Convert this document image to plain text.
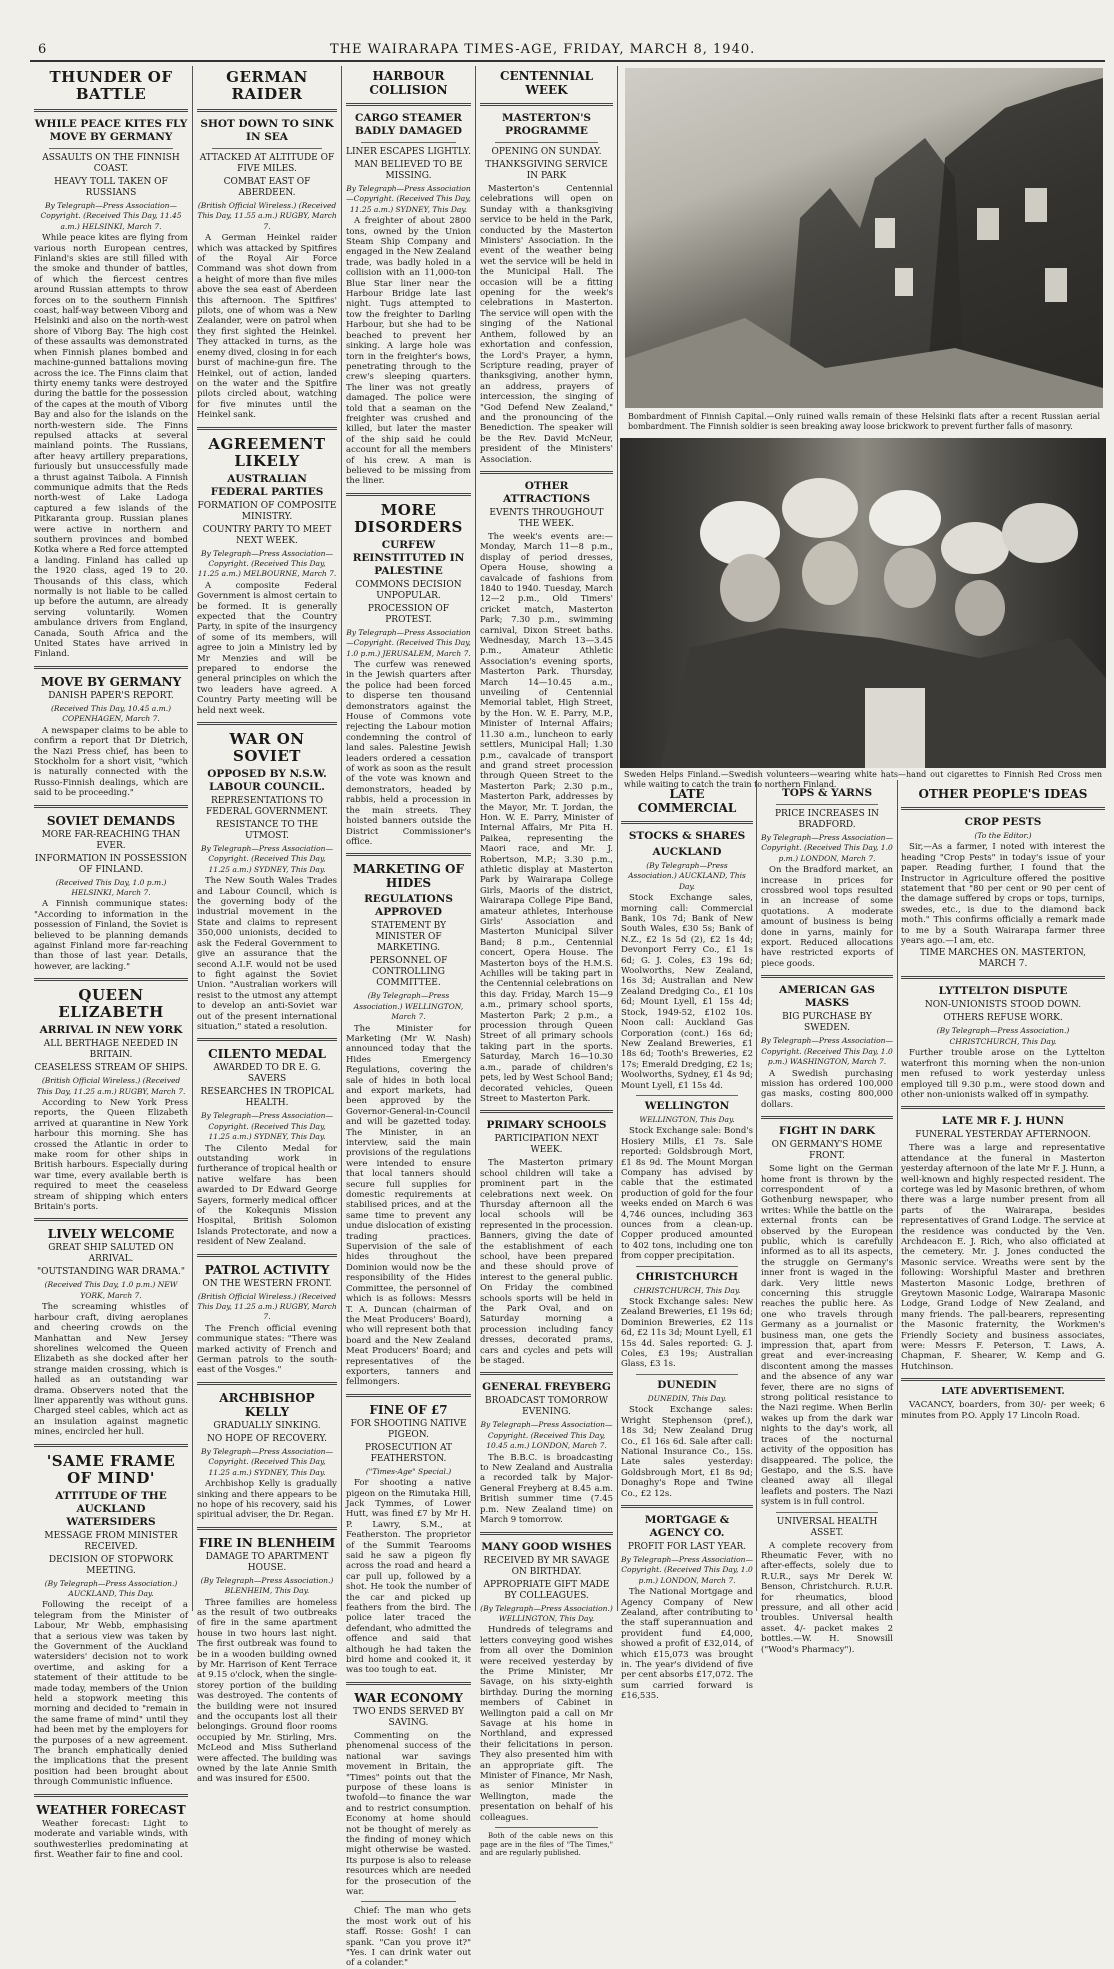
6	THE WAIRARAPA TIMES-AGE, FRIDAY, MARCH 8, 1940.
THUNDER OF BATTLE
WHILE PEACE KITES FLY MOVE BY GERMANY
ASSAULTS ON THE FINNISH COAST.
HEAVY TOLL TAKEN OF RUSSIANS
By Telegraph—Press Association—Copyright. (Received This Day, 11.45 a.m.) HELSINKI, March 7.

While peace kites are flying from various north European centres, Finland's skies are still filled with the smoke and thunder of battles, of which the fiercest centres around Russian attempts to throw forces on to the southern Finnish coast, half-way between Viborg and Helsinki and also on the north-west shore of Viborg Bay. The high cost of these assaults was demonstrated when Finnish planes bombed and machine-gunned battalions moving across the ice. The Finns claim that thirty enemy tanks were destroyed during the battle for the possession of the capes at the mouth of Viborg Bay and also for the islands on the north-western side. The Finns repulsed attacks at several mainland points. The Russians, after heavy artillery preparations, furiously but unsuccessfully made a thrust against Taibola. A Finnish communique admits that the Reds north-west of Lake Ladoga captured a few islands of the Pitkaranta group. Russian planes were active in northern and southern provinces and bombed Kotka where a Red force attempted a landing. Finland has called up the 1920 class, aged 19 to 20. Thousands of this class, which normally is not liable to be called up before the autumn, are already serving voluntarily. Women ambulance drivers from England, Canada, South Africa and the United States have arrived in Finland.

MOVE BY GERMANY
DANISH PAPER'S REPORT.
(Received This Day, 10.45 a.m.) COPENHAGEN, March 7.

A newspaper claims to be able to confirm a report that Dr Dietrich, the Nazi Press chief, has been to Stockholm for a short visit, "which is naturally connected with the Russo-Finnish dealings, which are said to be proceeding."

SOVIET DEMANDS
MORE FAR-REACHING THAN EVER.
INFORMATION IN POSSESSION OF FINLAND.
(Received This Day, 1.0 p.m.) HELSINKI, March 7.

A Finnish communique states: "According to information in the possession of Finland, the Soviet is believed to be planning demands against Finland more far-reaching than those of last year. Details, however, are lacking."

QUEEN ELIZABETH
ARRIVAL IN NEW YORK
ALL BERTHAGE NEEDED IN BRITAIN.
CEASELESS STREAM OF SHIPS.
(British Official Wireless.) (Received This Day, 11.25 a.m.) RUGBY, March 7.

According to New York Press reports, the Queen Elizabeth arrived at quarantine in New York harbour this morning. She has crossed the Atlantic in order to make room for other ships in British harbours. Especially during war time, every available berth is required to meet the ceaseless stream of shipping which enters Britain's ports.

LIVELY WELCOME
GREAT SHIP SALUTED ON ARRIVAL.
"OUTSTANDING WAR DRAMA."
(Received This Day, 1.0 p.m.) NEW YORK, March 7.

The screaming whistles of harbour craft, diving aeroplanes and cheering crowds on the Manhattan and New Jersey shorelines welcomed the Queen Elizabeth as she docked after her strange maiden crossing, which is hailed as an outstanding war drama. Observers noted that the liner apparently was without guns. Charged steel cables, which act as an insulation against magnetic mines, encircled her hull.

'SAME FRAME OF MIND'
ATTITUDE OF THE AUCKLAND WATERSIDERS
MESSAGE FROM MINISTER RECEIVED.
DECISION OF STOPWORK MEETING.
(By Telegraph—Press Association.) AUCKLAND, This Day.

Following the receipt of a telegram from the Minister of Labour, Mr Webb, emphasising that a serious view was taken by the Government of the Auckland watersiders' decision not to work overtime, and asking for a statement of their attitude to be made today, members of the Union held a stopwork meeting this morning and decided to "remain in the same frame of mind" until they had been met by the employers for the purposes of a new agreement. The branch emphatically denied the implications that the present position had been brought about through Communistic influence.

WEATHER FORECAST

Weather forecast: Light to moderate and variable winds, with southwesterlies predominating at first. Weather fair to fine and cool.

GERMAN RAIDER
SHOT DOWN TO SINK IN SEA
ATTACKED AT ALTITUDE OF FIVE MILES.
COMBAT EAST OF ABERDEEN.
(British Official Wireless.) (Received This Day, 11.55 a.m.) RUGBY, March 7.

A German Heinkel raider which was attacked by Spitfires of the Royal Air Force Command was shot down from a height of more than five miles above the sea east of Aberdeen this afternoon. The Spitfires' pilots, one of whom was a New Zealander, were on patrol when they first sighted the Heinkel. They attacked in turns, as the enemy dived, closing in for each burst of machine-gun fire. The Heinkel, out of action, landed on the water and the Spitfire pilots circled about, watching for five minutes until the Heinkel sank.

AGREEMENT LIKELY
AUSTRALIAN FEDERAL PARTIES
FORMATION OF COMPOSITE MINISTRY.
COUNTRY PARTY TO MEET NEXT WEEK.
By Telegraph—Press Association—Copyright. (Received This Day, 11.25 a.m.) MELBOURNE, March 7.

A composite Federal Government is almost certain to be formed. It is generally expected that the Country Party, in spite of the insurgency of some of its members, will agree to join a Ministry led by Mr Menzies and will be prepared to endorse the general principles on which the two leaders have agreed. A Country Party meeting will be held next week.

WAR ON SOVIET
OPPOSED BY N.S.W. LABOUR COUNCIL.
REPRESENTATIONS TO FEDERAL GOVERNMENT.
RESISTANCE TO THE UTMOST.
By Telegraph—Press Association—Copyright. (Received This Day, 11.25 a.m.) SYDNEY, This Day.

The New South Wales Trades and Labour Council, which is the governing body of the industrial movement in the State and claims to represent 350,000 unionists, decided to ask the Federal Government to give an assurance that the second A.I.F. would not be used to fight against the Soviet Union. "Australian workers will resist to the utmost any attempt to develop an anti-Soviet war out of the present international situation," stated a resolution.

CILENTO MEDAL
AWARDED TO DR E. G. SAVERS
RESEARCHES IN TROPICAL HEALTH.
By Telegraph—Press Association—Copyright. (Received This Day, 11.25 a.m.) SYDNEY, This Day.

The Cilento Medal for outstanding work in furtherance of tropical health or native welfare has been awarded to Dr Edward George Sayers, formerly medical officer of the Kokequnis Mission Hospital, British Solomon Islands Protectorate, and now a resident of New Zealand.

PATROL ACTIVITY
ON THE WESTERN FRONT.
(British Official Wireless.) (Received This Day, 11.25 a.m.) RUGBY, March 7.

The French official evening communique states: "There was marked activity of French and German patrols to the south-east of the Vosges."

ARCHBISHOP KELLY
GRADUALLY SINKING.
NO HOPE OF RECOVERY.
By Telegraph—Press Association—Copyright. (Received This Day, 11.25 a.m.) SYDNEY, This Day.

Archbishop Kelly is gradually sinking and there appears to be no hope of his recovery, said his spiritual adviser, the Dr. Regan.

FIRE IN BLENHEIM
DAMAGE TO APARTMENT HOUSE.
(By Telegraph—Press Association.) BLENHEIM, This Day.

Three families are homeless as the result of two outbreaks of fire in the same apartment house in two hours last night. The first outbreak was found to be in a wooden building owned by Mr. Harrison of Kent Terrace at 9.15 o'clock, when the single-storey portion of the building was destroyed. The contents of the building were not insured and the occupants lost all their belongings. Ground floor rooms occupied by Mr. Stirling, Mrs. McLeod and Miss Sutherland were affected. The building was owned by the late Annie Smith and was insured for £500.

HARBOUR COLLISION
CARGO STEAMER BADLY DAMAGED
LINER ESCAPES LIGHTLY.
MAN BELIEVED TO BE MISSING.
By Telegraph—Press Association—Copyright. (Received This Day, 11.25 a.m.) SYDNEY, This Day.

A freighter of about 2800 tons, owned by the Union Steam Ship Company and engaged in the New Zealand trade, was badly holed in a collision with an 11,000-ton Blue Star liner near the Harbour Bridge late last night. Tugs attempted to tow the freighter to Darling Harbour, but she had to be beached to prevent her sinking. A large hole was torn in the freighter's bows, penetrating through to the crew's sleeping quarters. The liner was not greatly damaged. The police were told that a seaman on the freighter was crushed and killed, but later the master of the ship said he could account for all the members of his crew. A man is believed to be missing from the liner.

MORE DISORDERS
CURFEW REINSTITUTED IN PALESTINE
COMMONS DECISION UNPOPULAR.
PROCESSION OF PROTEST.
By Telegraph—Press Association—Copyright. (Received This Day, 1.0 p.m.) JERUSALEM, March 7.

The curfew was renewed in the Jewish quarters after the police had been forced to disperse ten thousand demonstrators against the House of Commons vote rejecting the Labour motion condemning the control of land sales. Palestine Jewish leaders ordered a cessation of work as soon as the result of the vote was known and demonstrators, headed by rabbis, held a procession in the main streets. They hoisted banners outside the District Commissioner's office.

MARKETING OF HIDES
REGULATIONS APPROVED
STATEMENT BY MINISTER OF MARKETING.
PERSONNEL OF CONTROLLING COMMITTEE.
(By Telegraph—Press Association.) WELLINGTON, March 7.

The Minister for Marketing (Mr W. Nash) announced today that the Hides Emergency Regulations, covering the sale of hides in both local and export markets, had been approved by the Governor-General-in-Council and will be gazetted today. The Minister, in an interview, said the main provisions of the regulations were intended to ensure that local tanners should secure full supplies for domestic requirements at stabilised prices, and at the same time to prevent any undue dislocation of existing trading practices. Supervision of the sale of hides throughout the Dominion would now be the responsibility of the Hides Committee, the personnel of which is as follows: Messrs T. A. Duncan (chairman of the Meat Producers' Board), who will represent both that board and the New Zealand Meat Producers' Board; and representatives of the exporters, tanners and fellmongers.

FINE OF £7
FOR SHOOTING NATIVE PIGEON.
PROSECUTION AT FEATHERSTON.
("Times-Age" Special.)

For shooting a native pigeon on the Rimutaka Hill, Jack Tymmes, of Lower Hutt, was fined £7 by Mr H. P. Lawry, S.M., at Featherston. The proprietor of the Summit Tearooms said he saw a pigeon fly across the road and heard a car pull up, followed by a shot. He took the number of the car and picked up feathers from the bird. The police later traced the defendant, who admitted the offence and said that although he had taken the bird home and cooked it, it was too tough to eat.

WAR ECONOMY
TWO ENDS SERVED BY SAVING.

Commenting on the phenomenal success of the national war savings movement in Britain, the "Times" points out that the purpose of these loans is twofold—to finance the war and to restrict consumption. Economy at home should not be thought of merely as the finding of money which might otherwise be wasted. Its purpose is also to release resources which are needed for the prosecution of the war.

Chief: The man who gets the most work out of his staff. Rosse: Gosh! I can spank. "Can you prove it?" "Yes. I can drink water out of a colander."

CENTENNIAL WEEK
MASTERTON'S PROGRAMME
OPENING ON SUNDAY.
THANKSGIVING SERVICE IN PARK

Masterton's Centennial celebrations will open on Sunday with a thanksgiving service to be held in the Park, conducted by the Masterton Ministers' Association. In the event of the weather being wet the service will be held in the Municipal Hall. The occasion will be a fitting opening for the week's celebrations in Masterton. The service will open with the singing of the National Anthem, followed by an exhortation and confession, the Lord's Prayer, a hymn, Scripture reading, prayer of thanksgiving, another hymn, an address, prayers of intercession, the singing of "God Defend New Zealand," and the pronouncing of the Benediction. The speaker will be the Rev. David McNeur, president of the Ministers' Association.

OTHER ATTRACTIONS
EVENTS THROUGHOUT THE WEEK.

The week's events are:— Monday, March 11—8 p.m., display of period dresses, Opera House, showing a cavalcade of fashions from 1840 to 1940. Tuesday, March 12—2 p.m., Old Timers' cricket match, Masterton Park; 7.30 p.m., swimming carnival, Dixon Street baths. Wednesday, March 13—3.45 p.m., Amateur Athletic Association's evening sports, Masterton Park. Thursday, March 14—10.45 a.m., unveiling of Centennial Memorial tablet, High Street, by the Hon. W. E. Parry, M.P., Minister of Internal Affairs; 11.30 a.m., luncheon to early settlers, Municipal Hall; 1.30 p.m., cavalcade of transport and grand street procession through Queen Street to the Masterton Park; 2.30 p.m., Masterton Park, addresses by the Mayor, Mr. T. Jordan, the Hon. W. E. Parry, Minister of Internal Affairs, Mr Pita H. Paikea, representing the Maori race, and Mr. J. Robertson, M.P.; 3.30 p.m., athletic display at Masterton Park by Wairarapa College Girls, Maoris of the district, Wairarapa College Pipe Band, amateur athletes, Interhouse Girls' Association and Masterton Municipal Silver Band; 8 p.m., Centennial concert, Opera House. The Masterton boys of the H.M.S. Achilles will be taking part in the Centennial celebrations on this day. Friday, March 15—9 a.m., primary school sports, Masterton Park; 2 p.m., a procession through Queen Street of all primary schools taking part in the sports. Saturday, March 16—10.30 a.m., parade of children's pets, led by West School Band; decorated vehicles, Queen Street to Masterton Park.

PRIMARY SCHOOLS
PARTICIPATION NEXT WEEK.

The Masterton primary school children will take a prominent part in the celebrations next week. On Thursday afternoon all the local schools will be represented in the procession. Banners, giving the date of the establishment of each school, have been prepared and these should prove of interest to the general public. On Friday the combined schools sports will be held in the Park Oval, and on Saturday morning a procession including fancy dresses, decorated prams, cars and cycles and pets will be staged.

GENERAL FREYBERG
BROADCAST TOMORROW EVENING.
By Telegraph—Press Association—Copyright. (Received This Day, 10.45 a.m.) LONDON, March 7.

The B.B.C. is broadcasting to New Zealand and Australia a recorded talk by Major-General Freyberg at 8.45 a.m. British summer time (7.45 p.m. New Zealand time) on March 9 tomorrow.

MANY GOOD WISHES
RECEIVED BY MR SAVAGE ON BIRTHDAY.
APPROPRIATE GIFT MADE BY COLLEAGUES.
(By Telegraph—Press Association.) WELLINGTON, This Day.

Hundreds of telegrams and letters conveying good wishes from all over the Dominion were received yesterday by the Prime Minister, Mr Savage, on his sixty-eighth birthday. During the morning members of Cabinet in Wellington paid a call on Mr Savage at his home in Northland, and expressed their felicitations in person. They also presented him with an appropriate gift. The Minister of Finance, Mr Nash, as senior Minister in Wellington, made the presentation on behalf of his colleagues.

Both of the cable news on this page are in the files of "The Times," and are regularly published.

Bombardment of Finnish Capital.—Only ruined walls remain of these Helsinki flats after a recent Russian aerial bombardment. The Finnish soldier is seen breaking away loose brickwork to prevent further falls of masonry.
Sweden Helps Finland.—Swedish volunteers—wearing white hats—hand out cigarettes to Finnish Red Cross men while waiting to catch the train to northern Finland.
LATE COMMERCIAL
STOCKS & SHARES
AUCKLAND
(By Telegraph—Press Association.) AUCKLAND, This Day.

Stock Exchange sales, morning call: Commercial Bank, 10s 7d; Bank of New South Wales, £30 5s; Bank of N.Z., £2 1s 5d (2), £2 1s 4d; Devonport Ferry Co., £1 1s 6d; G. J. Coles, £3 19s 6d; Woolworths, New Zealand, 16s 3d; Australian and New Zealand Dredging Co., £1 10s 6d; Mount Lyell, £1 15s 4d; Stock, 1949-52, £102 10s. Noon call: Auckland Gas Corporation (cont.) 16s 6d; New Zealand Breweries, £1 18s 6d; Tooth's Breweries, £2 17s; Emerald Dredging, £2 1s; Woolworths, Sydney, £1 4s 9d; Mount Lyell, £1 15s 4d.

WELLINGTON
WELLINGTON, This Day.

Stock Exchange sale: Bond's Hosiery Mills, £1 7s. Sale reported: Goldsbrough Mort, £1 8s 9d. The Mount Morgan Company has advised by cable that the estimated production of gold for the four weeks ended on March 6 was 4,746 ounces, including 363 ounces from a clean-up. Copper produced amounted to 402 tons, including one ton from copper precipitation.

CHRISTCHURCH
CHRISTCHURCH, This Day.

Stock Exchange sales: New Zealand Breweries, £1 19s 6d; Dominion Breweries, £2 11s 6d, £2 11s 3d; Mount Lyell, £1 15s 4d. Sales reported: G. J. Coles, £3 19s; Australian Glass, £3 1s.

DUNEDIN
DUNEDIN, This Day.

Stock Exchange sales: Wright Stephenson (pref.), 18s 3d; New Zealand Drug Co., £1 16s 6d. Sale after call: National Insurance Co., 15s. Late sales yesterday: Goldsbrough Mort, £1 8s 9d; Donaghy's Rope and Twine Co., £2 12s.

MORTGAGE & AGENCY CO.
PROFIT FOR LAST YEAR.
By Telegraph—Press Association—Copyright. (Received This Day, 1.0 p.m.) LONDON, March 7.

The National Mortgage and Agency Company of New Zealand, after contributing to the staff superannuation and provident fund £4,000, showed a profit of £32,014, of which £15,073 was brought in. The year's dividend of five per cent absorbs £17,072. The sum carried forward is £16,535.

TOPS & YARNS
PRICE INCREASES IN BRADFORD.
By Telegraph—Press Association—Copyright. (Received This Day, 1.0 p.m.) LONDON, March 7.

On the Bradford market, an increase in prices for crossbred wool tops resulted in an increase of some quotations. A moderate amount of business is being done in yarns, mainly for export. Reduced allocations have restricted exports of piece goods.

AMERICAN GAS MASKS
BIG PURCHASE BY SWEDEN.
By Telegraph—Press Association—Copyright. (Received This Day, 1.0 p.m.) WASHINGTON, March 7.

A Swedish purchasing mission has ordered 100,000 gas masks, costing 800,000 dollars.

FIGHT IN DARK
ON GERMANY'S HOME FRONT.

Some light on the German home front is thrown by the correspondent of a Gothenburg newspaper, who writes: While the battle on the external fronts can be observed by the European public, which is carefully informed as to all its aspects, the struggle on Germany's inner front is waged in the dark. Very little news concerning this struggle reaches the public here. As one who travels through Germany as a journalist or business man, one gets the impression that, apart from great and ever-increasing discontent among the masses and the absence of any war fever, there are no signs of strong political resistance to the Nazi regime. When Berlin wakes up from the dark war nights to the day's work, all traces of the nocturnal activity of the opposition has disappeared. The police, the Gestapo, and the S.S. have cleaned away all illegal leaflets and posters. The Nazi system is in full control.

UNIVERSAL HEALTH ASSET.

A complete recovery from Rheumatic Fever, with no after-effects, solely due to R.U.R., says Mr Derek W. Benson, Christchurch. R.U.R. for rheumatics, blood pressure, and all other acid troubles. Universal health asset. 4/- packet makes 2 bottles.—W. H. Snowsill ("Wood's Pharmacy").

OTHER PEOPLE'S IDEAS
CROP PESTS
(To the Editor.)

Sir,—As a farmer, I noted with interest the heading "Crop Pests" in today's issue of your paper. Reading further, I found that the Instructor in Agriculture offered the positive statement that "80 per cent or 90 per cent of the damage suffered by crops or tops, turnips, swedes, etc., is due to the diamond back moth." This confirms officially a remark made to me by a South Wairarapa farmer three years ago.—I am, etc.

TIME MARCHES ON. MASTERTON, MARCH 7.
LYTTELTON DISPUTE
NON-UNIONISTS STOOD DOWN.
OTHERS REFUSE WORK.
(By Telegraph—Press Association.) CHRISTCHURCH, This Day.

Further trouble arose on the Lyttelton waterfront this morning when the non-union men refused to work yesterday unless employed till 9.30 p.m., were stood down and other non-unionists walked off in sympathy.

LATE MR F. J. HUNN
FUNERAL YESTERDAY AFTERNOON.

There was a large and representative attendance at the funeral in Masterton yesterday afternoon of the late Mr F. J. Hunn, a well-known and highly respected resident. The cortege was led by Masonic brethren, of whom there was a large number present from all parts of the Wairarapa, besides representatives of Grand Lodge. The service at the residence was conducted by the Ven. Archdeacon E. J. Rich, who also officiated at the cemetery. Mr. J. Jones conducted the Masonic service. Wreaths were sent by the following: Worshipful Master and brethren Masterton Masonic Lodge, brethren of Greytown Masonic Lodge, Wairarapa Masonic Lodge, Grand Lodge of New Zealand, and many friends. The pall-bearers, representing the Masonic fraternity, the Workmen's Friendly Society and business associates, were: Messrs F. Peterson, T. Laws, A. Chapman, F. Shearer, W. Kemp and G. Hutchinson.

LATE ADVERTISEMENT.

VACANCY, boarders, from 30/- per week; 6 minutes from P.O. Apply 17 Lincoln Road.
